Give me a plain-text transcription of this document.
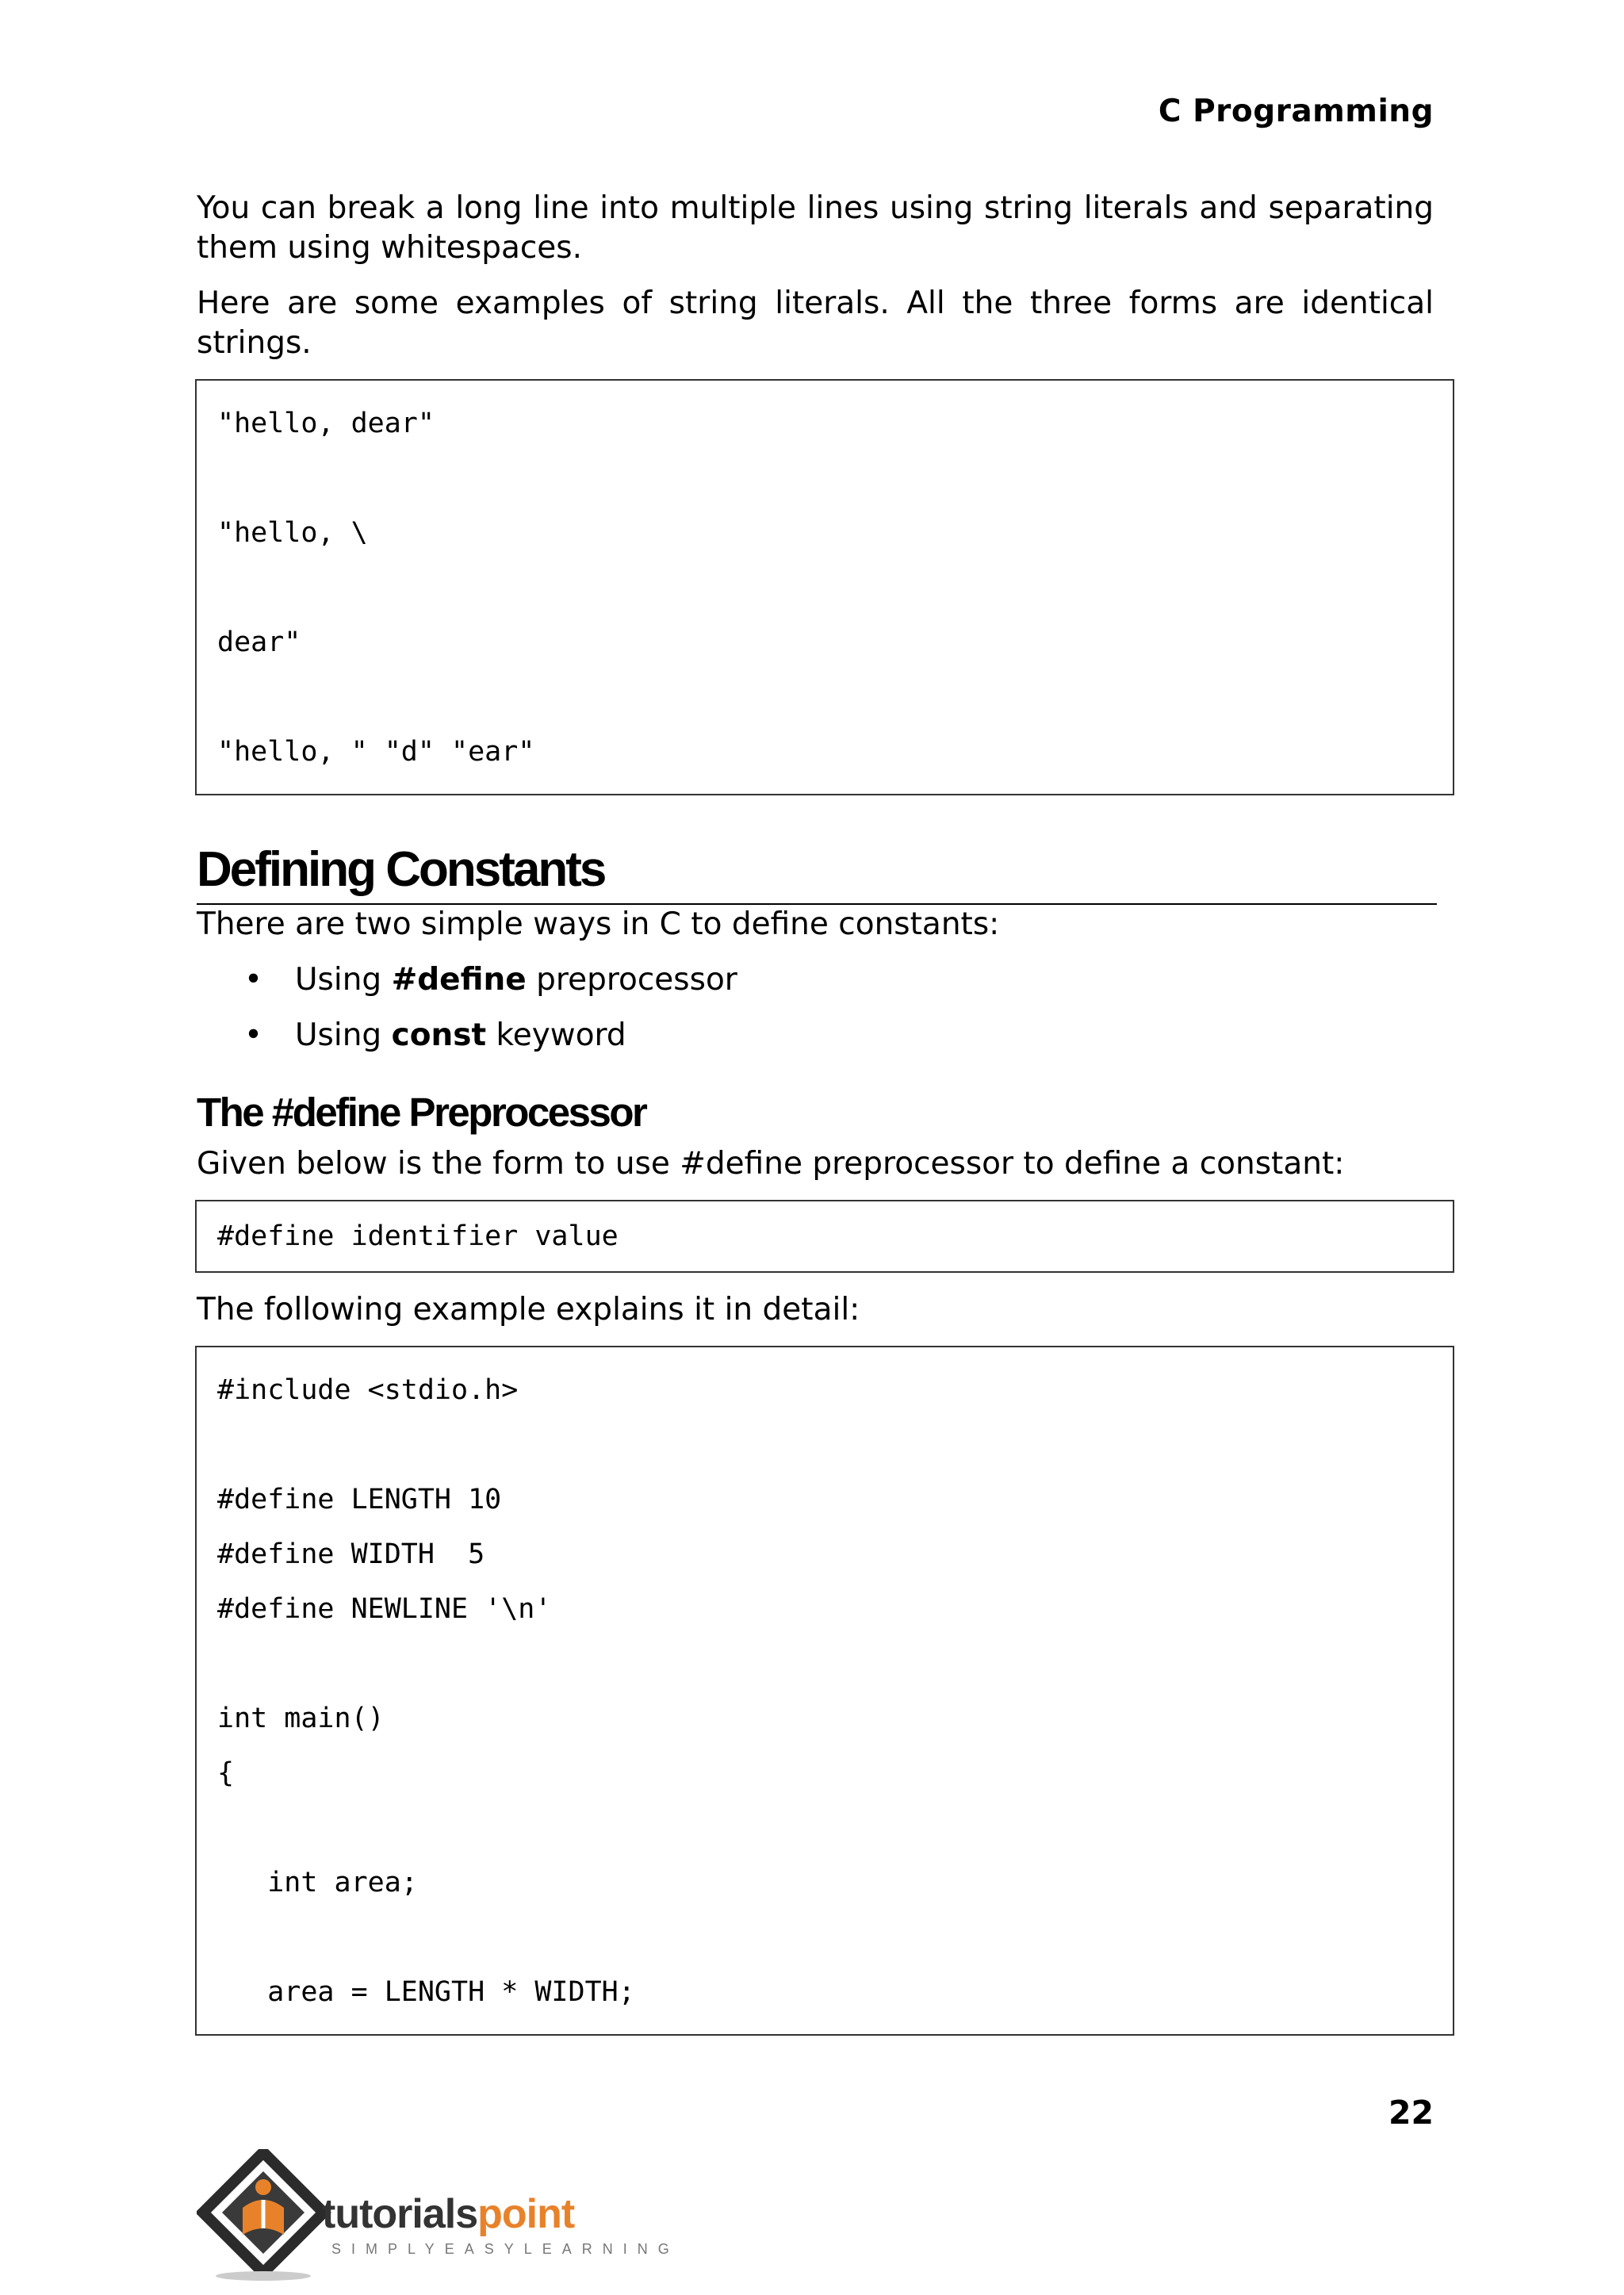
C Programming

You can break a long line into multiple lines using string literals and separating them using whitespaces.

Here are some examples of string literals. All the three forms are identical strings.

"hello, dear"
"hello, \
dear"
"hello, " "d" "ear"
Defining Constants

There are two simple ways in C to define constants:

• Using #define preprocessor
• Using const keyword
The #define Preprocessor

Given below is the form to use #define preprocessor to define a constant:

#define identifier value

The following example explains it in detail:

#include <stdio.h>
#define LENGTH 10
#define WIDTH  5
#define NEWLINE '\n'
int main()
{
int area;
area = LENGTH * WIDTH;
22
tutorialspoint
SIMPLYEASYLEARNING
